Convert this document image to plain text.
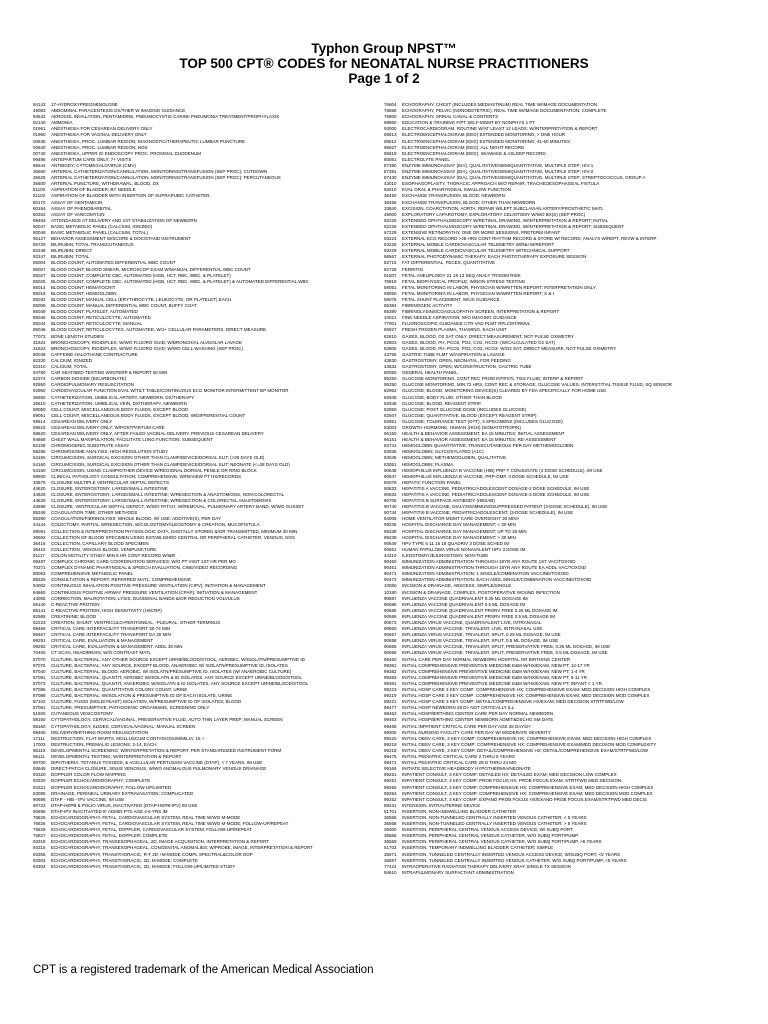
Typhon Group NPST™
TOP 500 CPT® CODES for NEONATAL NURSE PRACTITIONERS
Page 1 of 2
84143	17-HYDROXYPREGNENOLONE
49083	ABDOMINAL PARACENTESIS DX/THER W IMAGING GUIDANCE
94642	AEROSOL INHALATION, PENTAMIDINE, PNEUMOCYSTIS CARINII PNEUMONIA TREATMENT/PROPHYLAXIS
82140	AMMONIA
01961	ANESTHESIA FOR CESAREAN DELIVERY ONLY
01960	ANESTHESIA FOR VAGINAL DELIVERY ONLY
00635	ANESTHESIA, PROC. LUMBAR REGION; DIAGNOSTIC/THERAPEUTIC LUMBAR PUNCTURE
00630	ANESTHESIA, PROC. LUMBAR REGION; NOS
00740	ANESTHESIA, UPPER GI ENDOSCOPY PROC. PROXIMAL DUODENUM
99486	ANTEPARTUM CARE ONLY; 7+ VISITS
86644	ANTIBODY; CYTOMEGALOVIRUS (CMV)
36660	ARTERIAL CATHETERIZATION/CANNULATION, MONITORING/TRANSFUSION (SEP PROC); CUTDOWN
36625	ARTERIAL CATHETERIZATION/CANNULATION, MONITORING/TRANSFUSION (SEP PROC); PERCUTANEOUS
36600	ARTERIAL PUNCTURE, WITHDRAWAL, BLOOD, DX
51100	ASPIRATION OF BLADDER; BY NEEDLE
51102	ASPIRATION OF BLADDER WITH INSERTION OF SUPRAPUBIC CATHETER
80170	ASSAY OF GENTAMICIN
80184	ASSAY OF PHENOBARBITAL
80202	ASSAY OF VANCOMYCIN
99464	ATTENDANCE AT DELIVERY AND 1ST STABILIZATION OF NEWBORN
80047	BASIC METABOLIC PANEL (CALCIUM, IONIZED)
80048	BASIC METABOLIC PANEL (CALCIUM, TOTAL)
96127	BEHAVIOR ASSESSMENT W/SCORE & DOC/STAND INSTRUMENT
86720	BILIRUBIN; TOTAL TRANSCUTANEOUS
82248	BILIRUBIN; DIRECT
82247	BILIRUBIN; TOTAL
85004	BLOOD COUNT; AUTOMATED DIFFERENTIAL WBC COUNT
85007	BLOOD COUNT; BLOOD SMEAR, MICROSCOP EXAM W/MANUAL DIFFERENTIAL WBC COUNT
85027	BLOOD COUNT; COMPLETE CBC, AUTOMATED (HGB, HCT, RBC, WBC, & PLATELET)
85025	BLOOD COUNT; COMPLETE CBC, AUTOMATED (HGB, HCT, RBC, WBC, & PLATELET) & AUTOMATED DIFFERENTIAL WBC
85014	BLOOD COUNT; HEMATOCRIT
85018	BLOOD COUNT; HEMOGLOBIN
85032	BLOOD COUNT; MANUAL CELL (ERYTHROCYTE, LEUKOCYTE, OR PLATELET) EACH
85008	BLOOD COUNT; MANUAL DIFFERENTIAL WBC COUNT, BUFFY COAT
85049	BLOOD COUNT; PLATELET, AUTOMATED
85045	BLOOD COUNT; RETICULOCYTE, AUTOMATED
85044	BLOOD COUNT; RETICULOCYTE, MANUAL
85046	BLOOD COUNT; RETICULOCYTES, AUTOMATED, W/1+ CELLULAR PARAMETERS, DIRECT MEASURE
77073	BONE LENGTH STUDIES
31624	BRONCHOSCOPY, RIGID/FLEX, W/WO FLUORO GUID; W/BRONCHIAL ALVEOLAR LAVAGE
31622	BRONCHOSCOPY, RIGID/FLEX, W/WO FLUORO GUID; W/WO CELL WASHING (SEP PROC)
80049	CAFFEINE HALOTHANE CONTRACTURE
82330	CALCIUM; IONIZED
82310	CALCIUM; TOTAL
94780	CAR SEAT/BED TESTING W/INTERP & REPORT 60 MIN
82374	CARBON DIOXIDE (BICARBONATE)
92950	CARDIOPULMONARY RESUSCITATION
92960	CARDIOVASCULAR FUNCTION EVAL W/TILT TABLE/CONTINUOUS ECG MONITOR INTERMITTENT BP MONITOR
36660	CATHETERIZATION, UMBILICAL ARTERY, NEWBORN, DX/THERAPY
36510	CATHETERIZATION, UMBILICAL VEIN, DX/THERAPY, NEWBORN
89050	CELL COUNT, MISCELLANEOUS BODY FLUIDS, EXCEPT BLOOD
89051	CELL COUNT, MISCELLANEOUS BODY FLUIDS, EXCEPT BLOOD; W/DIFFERENTIAL COUNT
59514	CESAREAN DELIVERY ONLY
59515	CESAREAN DELIVERY ONLY; W/POSTPARTUM CARE
59620	CESAREAN DELIVERY ONLY, AFTER FAILED VAGINAL DELIVERY, PREVIOUS CESAREAN DELIVERY
94668	CHEST WALL MANIPULATION, FACILITATE LUNG FUNCTION; SUBSEQUENT
82108	CHROMOGENIC SUBSTRATE ASSAY
88285	CHROMOSOME ANALYSIS; HIGH RESOLUTION STUDY
54150	CIRCUMCISION, SURGICAL EXCISION OTHER THAN CLAMP/DEVICE/DORSAL SLIT; (>28 DAYS OLD)
54160	CIRCUMCISION, SURGICAL EXCISION OTHER THAN CLAMP/DEVICE/DORSAL SLIT; NEONATE (<=28 DAYS OLD)
54150	CIRCUMCISION, USING CLAMP/OTHER DEVICE W/REGIONAL DORSAL PENILE OR RING BLOCK
99500	CLINICAL PATHOLOGY CONSULTATION; COMPREHENSIVE, W/REVIEW PT HX/RECORDS
33675	CLOSURE MULTIPLE VENTRICULAR SEPTAL DEFECTS
44620	CLOSURE, ENTEROSTOMY, LARGE/SMALL INTESTINE
44625	CLOSURE, ENTEROSTOMY, LARGE/SMALL INTESTINE; W/RESECTION & ANASTOMOSIS, NON-COLORECTAL
44626	CLOSURE, ENTEROSTOMY, LARGE/SMALL INTESTINE; W/RESECTION & COLORECTAL ANASTOMOSIS
33698	CLOSURE, VENTRICULAR SEPTAL DEFECT, W/WO PATCH; W/REMOVAL, PULMONARY ARTERY BAND, W/WO GUSSET
85348	COAGULATION TIME; OTHER METHODS
85390	COAGULATION/FIBRINOLYSIS; WHOLE BLOOD, W/ USE: ADDITIVE(S), PER DAY
44144	COLECTOMY, PARTIAL W/RESECTION, W/COLOSTOMY/ILEOSTOMY & CREATION, MUCOFISTULA
99091	COLLECTION & INTERPRETATION PHYSIOLOGIC DATA, DIGITALLY STORED &/OR TRANSMITTED, MINIMUM 30 MIN
36592	COLLECTION OF BLOOD SPECIMEN USING ESTABLISHED CENTRAL OR PERIPHERAL CATHETER, VENOUS, NOS
36416	COLLECTION, CAPILLARY BLOOD SPECIMEN
36415	COLLECTION, VENOUS BLOOD, VENIPUNCTURE
91117	COLON MOTILITY STUDY MIN 6 HR CONT RECORD W/I&R
99487	COMPLEX CHRONIC CARE COORDINATION SERVICES; W/O PT VISIT 1ST HR PER MO
70371	COMPLEX DYNAMIC PHARYNGEAL & SPEECH EVALUATION, CINE/VIDEO RECORDING
80053	COMPREHENSIVE METABOLIC PANEL
88325	CONSULTATION & REPORT, REFERRED MATL; COMPREHENSIVE
94002	CONTINUOUS INHALATION POSITIVE PRESSURE VENTILATION (CIPV); INITIATION & MANAGEMENT
94660	CONTINUOUS POSITIVE AIRWAY PRESSURE VENTILATION (CPAP); INITIATION & MANAGEMENT
44055	CORRECTION, MALROTATION, LYSIS, DUODENAL BANDS &/OR REDUCTION VOLVULUS
86140	C-REACTIVE PROTEIN
86141	C-REACTIVE PROTEIN; HIGH SENSITIVITY (HSCRP)
82565	CREATININE; BLOOD
62223	CREATION, SHUNT; VENTRICULO-PERITONEAL, -PLEURAL, OTHER TERMINUS
99466	CRITICAL CARE INTERFACILITY TRANSPORT 30-74 MIN
99467	CRITICAL CARE INTERFACILITY TRANSPORT EA 30 MIN
99291	CRITICAL CARE, EVALUATION & MANAGEMENT
99292	CRITICAL CARE, EVALUATION & MANAGEMENT, ADDL 30 MIN
70450	CT SCAN, HEAD/BRAIN; W/O CONTRAST MATL
87070	CULTURE, BACTERIAL; ANY OTHER SOURCE EXCEPT URINE/BLOOD/STOOL, AEROBIC, W/ISOLATN/PRESUMPTIVE ID
87075	CULTURE, BACTERIAL; ANY SOURCE, EXCEPT BLOOD, ANAEROBIC W/ ISOLATN/PRESUMPTIVE ID, ISOLATES
87040	CULTURE, BACTERIAL; BLOOD, AEROBIC, W/ ISOLATN/PRESUMPTIVE ID, ISOLATES (W/ ANAEROBIC CULTURE)
87081	CULTURE, BACTERIAL; QUANTIT, AEROBIC W/ISOLATN & ID ISOLATES, ANY SOURCE EXCEPT URINE/BLOOD/STOOL
87073	CULTURE, BACTERIAL; QUANTIT, ANAEROBIC W/ISOLATN & ID ISOLATES, ANY SOURCE EXCEPT URINE/BLOOD/STOOL
87086	CULTURE, BACTERIAL; QUANTITATIVE COLONY COUNT, URINE
87088	CULTURE, BACTERIAL; W/ISOLATION & PRESUMPTIVE ID OF EACH ISOLATE, URINE
87102	CULTURE, FUNGI (MOLD/YEAST) ISOLATION, W/PRESUMPTIVE ID OF ISOLATES; BLOOD
87081	CULTURE, PRESUMPTIVE, PATHOGENIC ORGANISMS, SCREENING ONLY
51600	CUTANEOUS VESICOSTOMY
88150	CYTOPATHOLOGY, CERVICAL/VAGINAL, PRESERVATIVE FLUID, AUTO THIN LAYER PREP; MANUAL SCREEN
88160	CYTOPATHOLOGY, SLIDES, CERVICAL/VAGINAL; MANUAL SCREEN
99460	DELIVERY/BIRTHING ROOM RESUSCITATION
17111	DESTRUCTION, FLAT WARTS, MOLLUSCUM CONTAGIOSUM/MILIA; 15 +
17003	DESTRUCTION, PREMALIG LESIONS; 2-14, EACH
96110	DEVELOPMENTAL SCREENING; W/INTERPRETATION & REPORT, PER STANDARDIZED INSTRUMENT FORM
96111	DEVELOPMENTAL TESTING; W/INTERPRETATION & REPORT
90700	DIPHTHERIA, TETANUS TOXOIDS, & ACELLULAR PERTUSSIS VACCINE (DTAP), < 7 YEARS, IM USE
93945	DIRECT-PATCH CLOSURE, SINUS VENOSUS, W/WO ANOMALOUS PULMONARY VENOUS DRAINAGE
93320	DOPPLER COLOR FLOW MAPPING
93320	DOPPLER ECHOCARDIOGRAPHY; COMPLETE
93321	DOPPLER ECHOCARDIOGRAPHY; FOLLOW-UP/LIMITED
53085	DRAINAGE, PERINEAL URINARY EXTRAVASATION; COMPLICATED
90698	DTAP - HIB - IPV VACCINE, IM USE
90723	DTAP-HEPB & POLIO VIRUS, INACTIVATED (DTAP-HEPB-IPV) IM USE
90696	DTAP-IPV INACTIVATED IF ADMIN PTS AGE 4-6 YRS IM
76825	ECHOCARDIOGRAPHY, FETAL, CARDIOVASCULAR SYSTEM, REAL TIME W/WO M-MODE
76826	ECHOCARDIOGRAPHY, FETAL, CARDIOVASCULAR SYSTEM, REAL TIME W/WO M-MODE; FOLLOW-UP/REPEAT
76828	ECHOCARDIOGRAPHY, FETAL, DOPPLER, CARDIOVASCULAR SYSTEM; FOLLOW-UP/REPEAT
76827	ECHOCARDIOGRAPHY, FETAL, DOPPLER; COMPLETE
93318	ECHOCARDIOGRAPHY, TRANSESOPHAGEAL, 2D, IMAGE ACQUISITION, INTERPRETATION & REPORT
93315	ECHOCARDIOGRAPHY, TRANSESOPHAGEAL, CONGENITAL ANOMALIES; W/PROBE, IMAGE, INTERPRETATION & REPORT
93306	ECHOCARDIOGRAPHY, TRANSTHORACIC, R-T 2D +M-MODE COMPL SPECTRAL&COLOR DOP
93303	ECHOCARDIOGRAPHY, TRANSTHORACIC, 2D, M-MODE; COMPLETE
93304	ECHOCARDIOGRAPHY, TRANSTHORACIC, 2D, M-MODE; FOLLOW-UP/LIMITED STUDY
76604	ECHOGRAPHY, CHEST (INCLUDES MEDIASTINUM) REAL TIME W/IMAGE DOCUMENTATION
76856	ECHOGRAPHY, PELVIC (NONOBSTETRIC), REAL TIME W/IMAGE DOCUMENTATION; COMPLETE
76800	ECHOGRAPHY, SPINAL CANAL & CONTENTS
98960	EDUCATION & TRAINING F/PT SELF-MGMT BY NONPHYS 1 PT
93000	ELECTROCARDIOGRAM, ROUTINE W/AT LEAST 12 LEADS; W/INTERPRETATION & REPORT
95813	ELECTROENCEPHALOGRAM (EEG) EXTENDED MONITORING; > ONE HOUR
95812	ELECTROENCEPHALOGRAM (EEG) EXTENDED MONITORING; 41-60 MINUTES
95827	ELECTROENCEPHALOGRAM (EEG); ALL NIGHT RECORD
95819	ELECTROENCEPHALOGRAM (EEG); W/AWAKE & ASLEEP RECORD
80051	ELECTROLYTE PANEL
87390	ENZYME IMMUNOASSAY (EIA), QUALITATIVE/SEMIQUANTITATIVE, MULTIPLE STEP; HIV-1
87391	ENZYME IMMUNOASSAY (EIA), QUALITATIVE/SEMIQUANTITATIVE, MULTIPLE STEP; HIV-2
87430	ENZYME IMMUNOASSAY (EIA), QUALITATIVE/SEMIQUANTITATIVE, MULTIPLE STEP; STREPTOCOCCUS, GROUP A
43010	ESOPHAGOPLASTY, THORACIC APPROACH W/O REPAIR, TRACHEOESOPHAGEAL FISTULA
92610	EVAL ORAL & PHARYNGEAL SWALLOW FUNCTION
36450	EXCHANGE TRANSFUSION, BLOOD; NEWBORN
36455	EXCHANGE TRANSFUSION, BLOOD; OTHER THAN NEWBORN
33840	EXCISION, COARCTATION, AORTA; REPAIR W/LEFT SUBCLAVIAN ARTERY/PROSTHETIC MATL
49000	EXPLORATORY LAPAROTOMY, EXPLORATORY CELIOTOMY W/WO BX(S) (SEP PROC)
92225	EXTENDED OPHTHALMOSCOPY W/RETINAL DRAWING, W/INTERPRETATION & REPORT; INITIAL
92226	EXTENDED OPHTHALMOSCOPY W/RETINAL DRAWING, W/INTERPRETATION & REPORT; SUBSEQUENT
67229	EXTENSIVE RETINOPATHY, ONE OR MORE SESSIONS, PRETERM INFANT
93224	EXTERNAL ECG RECORD >48 HRS CONT RHYTHM RECORD & STORE W/ RECORD, ANALYS W/REPT, REVW & INTERP
93228	EXTERNAL MOBILE CARDIOVASCULAR TELEMETRY W/R&I W/REPORT
93229	EXTERNAL MOBILE CARDIOVASCULAR TELEMETRY W/TECHNICAL SUPPORT
96567	EXTERNAL PHOTODYNAMIC THERAPY, EACH PHOTOTHERAPY EXPOSURE SESSION
82715	FAT DIFFERENTIAL, FECES, QUANTITATIVE
82728	FERRITIN
81507	FETAL ANEUPLOIDY 21 18 13 SEQ ANALY TRISOM RISK
76818	FETAL BIOPHYSICAL PROFILE; W/NON-STRESS TESTING
59051	FETAL MONITORING IN LABOR, PHYSICIAN W/WRITTEN REPORT; INTERPRETATION ONLY
59050	FETAL MONITORING IN LABOR, PHYSICIAN W/WRITTEN REPORT; S & I
59076	FETAL SHUNT PLACEMENT, W/US GUIDANCE
85384	FIBRINOGEN; ACTIVITY
85390	FIBRINOLYSINS/COAGULOPATHY SCREEN, INTERPRETATION & REPORT
10021	FINE NEEDLE ASPIRATION; W/O IMAGING GUIDANCE
77001	FLUOROSCOPIC GUIDANCE CTR VAD PLMT RPLCMT/RMVL
86927	FRESH FROZEN PLASMA, THAWING, EACH UNIT
82810	GASES, BLOOD, O2 SAT ONLY, DIRECT MEASUREMENT, NOT PULSE OXIMETRY
82803	GASES, BLOOD, PH, PCO2, PO2, CO2, HCO3- (W/CALCULATED O2 SAT)
82805	GASES, BLOOD, PH, PCO2, PO2, CO2, HCO3- W/O2 SAT, DIRECT MEASURE, NOT PULSE OXIMETRY
43755	GASTRIC TUBE FLMT W/ASPIRATION & LAVAGE
43830	GASTROSTOMY, OPEN, NEONATAL, FOR FEEDING
43832	GASTROSTOMY, OPEN; W/CONSTRUCTION, GASTRIC TUBE
80050	GENERAL HEALTH PANEL
95250	GLUCOSE MONITORING, CONT REC FROM INTRSTL TISS FLUID; INTERP & REPORT
95250	GLUCOSE MONITORING, MIN 72 HRS, CONT REC & STORAGE, GLUCOSE VALUES, INTERSTITIAL TISSUE FLUID, SQ SENSOR
82962	GLUCOSE, BLOOD, MONITORING DEVICE(S) CLEARED BY FDA SPECIFICALLY FOR HOME USE
82945	GLUCOSE, BODY FLUID, OTHER THAN BLOOD
82948	GLUCOSE; BLOOD, REAGENT STRIP
82950	GLUCOSE; POST GLUCOSE DOSE (INCLUDES GLUCOSE)
82947	GLUCOSE; QUANTITATIVE, BLOOD (EXCEPT REAGENT STRIP)
82951	GLUCOSE; TOLERANCE TEST (GTT), 3 SPECIMENS (INCLUDES GLUCOSE)
83003	GROWTH HORMONE, HUMAN (HGH) (SOMATOTROPIN)
96150	HEALTH & BEHAVIOR ASSESSMENT, EA 15 MINUTES; INITIAL ASSESSMENT
96151	HEALTH & BEHAVIOR ASSESSMENT, EA 15 MINUTES; RE-ASSESSMENT
83741	HEMOGLOBIN QUANTITATIVE, TRANSCUTANEOUS PER DAY METHEMOGLOBIN
83036	HEMOGLOBIN; GLYCOSYLATED (A1C)
83045	HEMOGLOBIN; METHEMOGLOBIN, QUALITATIVE
83051	HEMOGLOBIN; PLASMA
90648	HEMOPHILUS INFLUENZA B VACCINE (HIB) PRP-T CONJUGATE (4 DOSE SCHEDULE), IM USE
90647	HEMOPHILUS INFLUENZA B VACCINE, PRP-OMP, 3 DOSE SCHEDULE, IM USE
80076	HEPATIC FUNCTION PANEL
90633	HEPATITIS A VACCINE, PEDIATRIC/ADOLESCENT DOSAGE-2 DOSE SCHEDULE, IM USE
90634	HEPATITIS A VACCINE, PEDIATRIC/ADOLESCENT DOSAGE-3 DOSE SCHEDULE, IM USE
86706	HEPATITIS B SURFACE ANTIBODY (HBSAB)
90740	HEPATITIS B VACCINE, DIALYSIS/IMMUNOSUPPRESSED PATIENT (3-DOSE SCHEDULE), IM USE
90744	HEPATITIS B VACCINE, PEDIATRIC/ADOLESCENT, (3-DOSE SCHEDULE), IM USE
94005	HOME VENTILATOR MGMT CARE OVERSIGHT 30 MIN>
99236	HOSPITAL DISCHARGE DAY MANAGEMENT; < 30 MIN
99238	HOSPITAL DISCHARGE DAY MANAGEMENT; UP TO 30 MIN
99239	HOSPITAL DISCHARGE DAY MANAGEMENT; > 30 MIN
90649	HPV TYPE 6 11 16 18 QUADRIV 3 DOSE SCHED IM
90651	HUMAN PAPILLOMA VIRUS NONAVALENT HPV 3 DOSE IM
44310	ILEOSTOMY/JEJUNOSTOMY, NON-TUBE
90460	IMMUNIZATION ADMINISTRATION THROUGH 18YR ANY ROUTE 1ST VAC/TOXOID
90461	IMMUNIZATION ADMINISTRATION THROUGH 18YR ANY ROUTE EA ADDL VAC/TOXOID
90471	IMMUNIZATION ADMINISTRATION; 1 SINGLE/COMBINATION VACCINE/TOXOID
90472	IMMUNIZATION ADMINISTRATION; EACH ADDL SINGLE/COMBINATION VACCINE/TOXOID
10060	INCISION & DRAINAGE, ABSCESS; SIMPLE/SINGLE
10180	INCISION & DRAINAGE, COMPLEX, POSTOPERATIVE WOUND INFECTION
90687	INFLUENZA VACCINE QUADRIVALENT 0.25 ML DOSAGE IM
90686	INFLUENZA VACCINE QUADRIVALENT 0.5 ML DOSAGE IM
90685	INFLUENZA VACCINE QUADRIVALENT PRSRV FREE 0.25 ML DOSAGE IM
90686	INFLUENZA VACCINE QUADRIVALENT PRSRV FREE 0.5 ML DOSAGE IM
90672	INFLUENZA VIRUS VACCINE, QUADRIVALENT LIVE, INTRANASAL
90660	INFLUENZA VIRUS VACCINE, TRIVALENT, LIVE, INTRANASAL USE
90657	INFLUENZA VIRUS VACCINE, TRIVALENT, SPLIT, 0.25 ML DOSAGE, IM USE
90658	INFLUENZA VIRUS VACCINE, TRIVALENT, SPLIT, 0.5 ML DOSAGE, IM USE
90655	INFLUENZA VIRUS VACCINE, TRIVALENT, SPLIT, PRESERVATIVE FREE, 0.25 ML DOSAGE, IM USE
90656	INFLUENZA VIRUS VACCINE, TRIVALENT, SPLIT, PRESERVATIVE FREE, 0.5 ML DOSAGE, IM USE
99460	INITIAL CARE PER DAY NORMAL NEWBORN HOSPITAL OR BIRTHING CENTER
99381	INITIAL COMPREHENSIVE PREVENTIVE MEDICINE E&M W/HX/EXAM, NEW PT; 12-17 YR
99382	INITIAL COMPREHENSIVE PREVENTIVE MEDICINE E&M W/HX/EXAM, NEW PT; 1-4 YR
99383	INITIAL COMPREHENSIVE PREVENTIVE MEDICINE E&M W/HX/EXAM, NEW PT; 5-11 YR
99381	INITIAL COMPREHENSIVE PREVENTIVE MEDICINE E&M W/HX/EXAM, NEW PT; INFANT < 1 YR
99223	INITIAL HOSP CARE 3 KEY COMP: COMPREHENSIVE HX; COMPREHENSIVE EXAM; MED DECISION HIGH COMPLEX
99219	INITIAL HOSP CARE 3 KEY COMP: COMPREHENSIVE HX; COMPREHENSIVE EXAM; MED DECISION MOD COMPLEX
99221	INITIAL HOSP CARE 3 KEY COMP: DETAIL/COMPREHENSIVE HX/EXAM; MED DECISION STRTFWD/LOW
99477	INITIAL HOSP NEWBORN 28 D> NOT CRITICALLY ILL
99463	INITIAL HOSP/BIRTHING CENTER CARE PER DAY NORMAL NEWBORN
99463	INITIAL HOSP/BIRTHING CENTER NEWBORN ADMIT&DSCHG SM DATE
99468	INITIAL INPATIENT CRITICAL CARE PER DAY AGE 28 DAYS/<
99305	INITIAL NURSING FACILITY CARE PER DAY W/ MODERATE SEVERITY
99220	INITIAL OBSV CARE, 3 KEY COMP: COMPREHENSIVE HX; COMPREHENSIVE EXAM; MED DECISION HIGH COMPLEX
99219	INITIAL OBSV CARE, 3 KEY COMP: COMPREHENSIVE HX; COMPREHENSIVE EXAM/MED DECISION MOD COMPLEXITY
99218	INITIAL OBSV CARE, 3 KEY COMP: DETAIL/COMPREHENSIVE HX; DETAIL/COMPREHENSIVE EXAM/STRTFWD/LOW
99475	INITIAL PEDIATRIC CRITICAL CARE 2 THRU 5 YEARS
99471	INITIAL PEDIATRIC CRITICAL CARE 29 D THRU 24 MO
99166	INITIATE SELECTIVE HEAD/BODY HYPOTHERMIA/NEONATE
99251	INPATIENT CONSULT, 3 KEY COMP: DETAILED HX; DETAILED EXAM; MED DECISION LOW COMPLEX
99251	INPATIENT CONSULT, 3 KEY COMP: PROB FOCUS HX; PROB FOCUS EXAM; STRTFWD MED DECISION
99255	INPATIENT CONSULT, 3 KEY COMP: COMPREHENSIVE HX; COMPREHENSIVE EXAM; MED DECISION HIGH COMPLEX
99254	INPATIENT CONSULT, 3 KEY COMP: COMPREHENSIVE HX; COMPREHENSIVE EXAM; MED DECISION MOD COMPLEX
99252	INPATIENT CONSULT, 3 KEY COMP: EXPAND PROB FOCUS HX/EXAND PROB FOCUS EXAM/STRTFWD MED DECIS
99231	INTENSION, INTRAUTERINE DEVICE
51701	INSERTION, NON-INDWELLING BLADDER CATHETER
36555	INSERTION, NON-TUNNELED CENTRALLY INSERTED VENOUS CATHETER; < 5 YEARS
36568	INSERTION, NON-TUNNELED CENTRALLY INSERTED VENOUS CATHETER; > 5 YEARS
36000	INSERTION, PERIPHERAL CENTRAL VENOUS ACCESS DEVICE, W/ SUBQ PORT
36568	INSERTION, PERIPHERAL CENTRAL VENOUS CATHETER, W/O SUBQ PORT/PUMP
36569	INSERTION, PERIPHERAL CENTRAL VENOUS CATHETER, W/O SUBQ PORT/PUMP, >5 YEARS
51702	INSERTION, TEMPORARY INDWELLING BLADDER CATHETER; SIMPLE
36571	INSERTION, TUNNELED CENTRALLY INSERTED VENOUS ACCESS DEVICE; W/SUBQ PORT, <5 YEARS
36557	INSERTION, TUNNELED CENTRALLY INSERTED VENOUS CATHETER; W/O SUBQ PORT/PUMP, <5 YEARS
77424	INTRAOPERATIVE RADIATION THERAPY DELIVERY XRAY SINGLE TX SESSION
94610	INTRAPULMONARY SURFACTANT ADMINISTRATION
CPT is a registered trademark of the American Medical Association
